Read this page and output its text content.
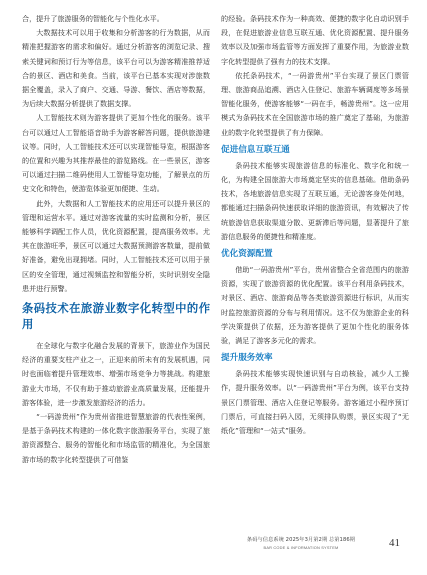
合，提升了旅游服务的智能化与个性化水平。

大数据技术可以用于收集和分析游客的行为数据，从而精准把握游客的需求和偏好。通过分析游客的浏览记录、搜索关键词和预订行为等信息，该平台可以为游客精准推荐适合的景区、酒店和美食。当前，该平台已基本实现对涉旅数据全覆盖，录入了商户、交通、导游、餐饮、酒店等数据，为后续大数据分析提供了数据支撑。

人工智能技术则为游客提供了更加个性化的服务。该平台可以通过人工智能语音助手为游客解答问题，提供旅游建议等。同时，人工智能技术还可以实现智能导览，根据游客的位置和兴趣为其推荐最佳的游览路线。在一些景区，游客可以通过扫描二维码使用人工智能导览功能，了解景点的历史文化和特色，使游览体验更加便捷、生动。

此外，大数据和人工智能技术的应用还可以提升景区的管理和运营水平。通过对游客流量的实时监测和分析，景区能够科学调配工作人员，优化资源配置，提高服务效率。尤其在旅游旺季，景区可以通过大数据预测游客数量，提前做好准备，避免出现拥堵。同时，人工智能技术还可以用于景区的安全管理，通过视频监控和智能分析，实时识别安全隐患并进行预警。

条码技术在旅游业数字化转型中的作用

在全球化与数字化融合发展的背景下，旅游业作为国民经济的重要支柱产业之一，正迎来前所未有的发展机遇，同时也面临着提升管理效率、增强市场竞争力等挑战。构建旅游业大市场，不仅有助于推动旅游业高质量发展，还能提升游客体验，进一步激发旅游经济的活力。

“一码游贵州”作为贵州省推进智慧旅游的代表性案例，是基于条码技术构建的一体化数字旅游服务平台，实现了旅游资源整合、服务的智能化和市场监管的精准化，为全国旅游市场的数字化转型提供了可借鉴

的经验。条码技术作为一种高效、便捷的数字化自动识别手段，在促进旅游业信息互联互通、优化资源配置、提升服务效率以及加强市场监管等方面发挥了重要作用，为旅游业数字化转型提供了强有力的技术支撑。

依托条码技术，“一码游贵州”平台实现了景区门票管理、旅游商品追溯、酒店入住登记、旅游车辆调度等多场景智能化服务，使游客能够“一码在手，畅游贵州”。这一应用模式为条码技术在全国旅游市场的推广奠定了基础，为旅游业的数字化转型提供了有力保障。

促进信息互联互通

条码技术能够实现旅游信息的标准化、数字化和统一化，为构建全国旅游大市场奠定坚实的信息基础。借助条码技术，各地旅游信息实现了互联互通，无论游客身处何地，都能通过扫描条码快速获取详细的旅游资讯，有效解决了传统旅游信息获取渠道分散、更新滞后等问题，显著提升了旅游信息服务的便捷性和精准度。

优化资源配置

借助“一码游贵州”平台，贵州省整合全省范围内的旅游资源，实现了旅游资源的优化配置。该平台利用条码技术，对景区、酒店、旅游商品等各类旅游资源进行标识，从而实时监控旅游资源的分布与利用情况。这不仅为旅游企业的科学决策提供了依据，还为游客提供了更加个性化的服务体验，满足了游客多元化的需求。

提升服务效率

条码技术能够实现快速识别与自动核验，减少人工操作，提升服务效率。以“一码游贵州”平台为例，该平台支持景区门票管理、酒店入住登记等服务。游客通过小程序预订门票后，可直接扫码入园，无须排队购票，景区实现了“无纸化”管理和“一站式”服务。

条码与信息系统 2025年3月第2期 总第186期
BAR CODE & INFORMATION SYSTEM	41
